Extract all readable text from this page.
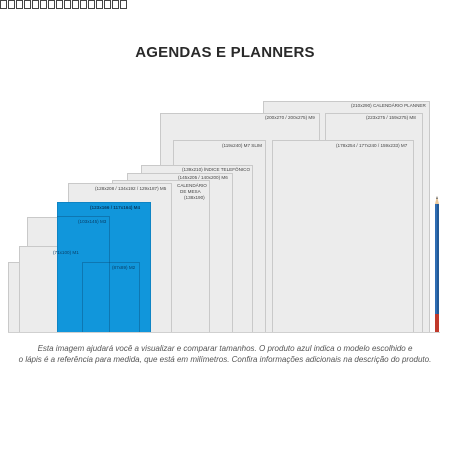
AGENDAS E PLANNERS
(210x290) CALENDÁRIO PLANNER
(223x275 / 159x275) M8
(200x270 / 200x275) M9
(178x254 / 177x240 / 159x233) M7
(119x240) M7 SLIM
(139x210) ÍNDICE TELEFÔNICO
(145x205 / 140x200) M6
CALENDÁRIO
DE MESA
(138x190)
(128x208 / 134x192 / 129x187) M5
(123x166 / 117x164) M4
(103x145) M3
(71x100) M1
(87x89) M2
Esta imagem ajudará você a visualizar e comparar tamanhos. O produto azul indica o modelo escolhido e
o lápis é a referência para medida, que está em milímetros. Confira informações adicionais na descrição do produto.
